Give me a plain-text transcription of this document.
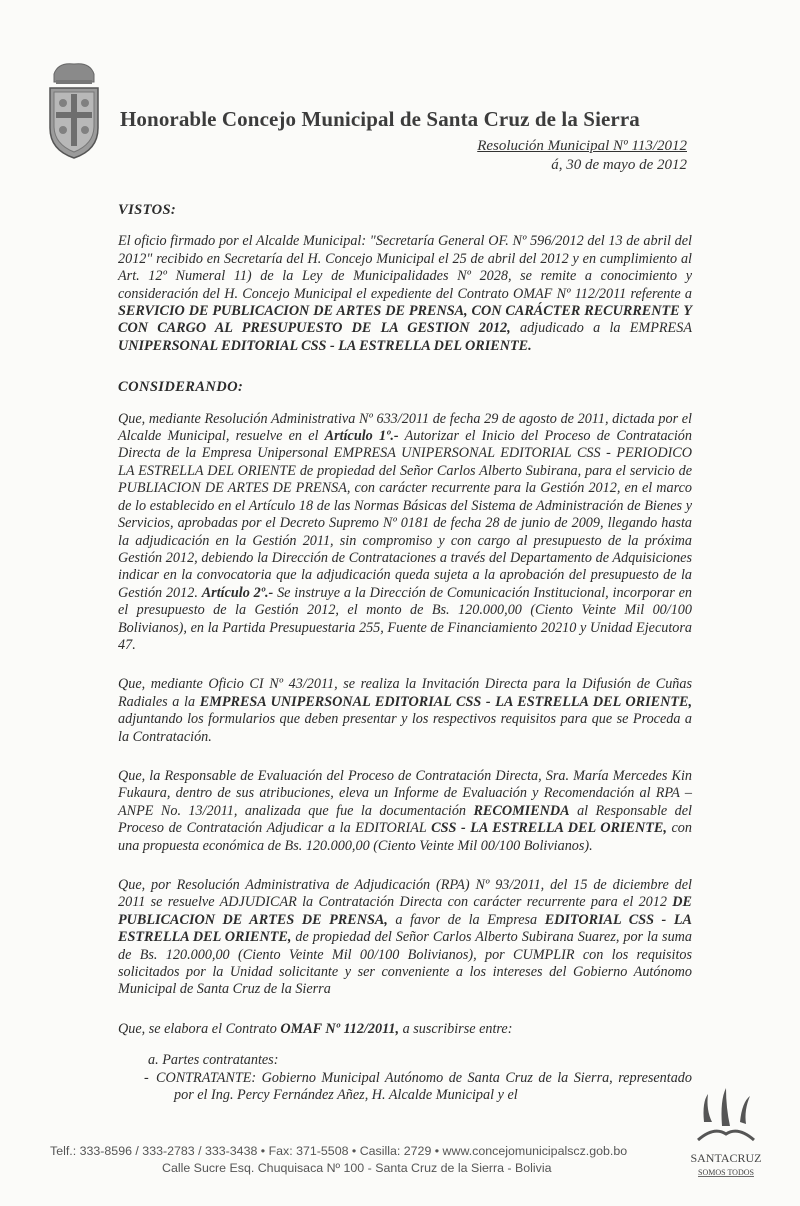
Honorable Concejo Municipal de Santa Cruz de la Sierra
Resolución Municipal Nº 113/2012
á, 30 de mayo de 2012
VISTOS:

El oficio firmado por el Alcalde Municipal: "Secretaría General OF. Nº 596/2012 del 13 de abril del 2012" recibido en Secretaría del H. Concejo Municipal el 25 de abril del 2012 y en cumplimiento al Art. 12º Numeral 11) de la Ley de Municipalidades Nº 2028, se remite a conocimiento y consideración del H. Concejo Municipal el expediente del Contrato OMAF Nº 112/2011 referente a SERVICIO DE PUBLICACION DE ARTES DE PRENSA, CON CARÁCTER RECURRENTE Y CON CARGO AL PRESUPUESTO DE LA GESTION 2012, adjudicado a la EMPRESA UNIPERSONAL EDITORIAL CSS - LA ESTRELLA DEL ORIENTE.

CONSIDERANDO:

Que, mediante Resolución Administrativa Nº 633/2011 de fecha 29 de agosto de 2011, dictada por el Alcalde Municipal, resuelve en el Artículo 1º.- Autorizar el Inicio del Proceso de Contratación Directa de la Empresa Unipersonal EMPRESA UNIPERSONAL EDITORIAL CSS - PERIODICO LA ESTRELLA DEL ORIENTE de propiedad del Señor Carlos Alberto Subirana, para el servicio de PUBLIACION DE ARTES DE PRENSA, con carácter recurrente para la Gestión 2012, en el marco de lo establecido en el Artículo 18 de las Normas Básicas del Sistema de Administración de Bienes y Servicios, aprobadas por el Decreto Supremo Nº 0181 de fecha 28 de junio de 2009, llegando hasta la adjudicación en la Gestión 2011, sin compromiso y con cargo al presupuesto de la próxima Gestión 2012, debiendo la Dirección de Contrataciones a través del Departamento de Adquisiciones indicar en la convocatoria que la adjudicación queda sujeta a la aprobación del presupuesto de la Gestión 2012. Artículo 2º.- Se instruye a la Dirección de Comunicación Institucional, incorporar en el presupuesto de la Gestión 2012, el monto de Bs. 120.000,00 (Ciento Veinte Mil 00/100 Bolivianos), en la Partida Presupuestaria 255, Fuente de Financiamiento 20210 y Unidad Ejecutora 47.

Que, mediante Oficio CI Nº 43/2011, se realiza la Invitación Directa para la Difusión de Cuñas Radiales a la EMPRESA UNIPERSONAL EDITORIAL CSS - LA ESTRELLA DEL ORIENTE, adjuntando los formularios que deben presentar y los respectivos requisitos para que se Proceda a la Contratación.

Que, la Responsable de Evaluación del Proceso de Contratación Directa, Sra. María Mercedes Kin Fukaura, dentro de sus atribuciones, eleva un Informe de Evaluación y Recomendación al RPA – ANPE No. 13/2011, analizada que fue la documentación RECOMIENDA al Responsable del Proceso de Contratación Adjudicar a la EDITORIAL CSS - LA ESTRELLA DEL ORIENTE, con una propuesta económica de Bs. 120.000,00 (Ciento Veinte Mil 00/100 Bolivianos).

Que, por Resolución Administrativa de Adjudicación (RPA) Nº 93/2011, del 15 de diciembre del 2011 se resuelve ADJUDICAR la Contratación Directa con carácter recurrente para el 2012 DE PUBLICACION DE ARTES DE PRENSA, a favor de la Empresa EDITORIAL CSS - LA ESTRELLA DEL ORIENTE, de propiedad del Señor Carlos Alberto Subirana Suarez, por la suma de Bs. 120.000,00 (Ciento Veinte Mil 00/100 Bolivianos), por CUMPLIR con los requisitos solicitados por la Unidad solicitante y ser conveniente a los intereses del Gobierno Autónomo Municipal de Santa Cruz de la Sierra

Que, se elabora el Contrato OMAF Nº 112/2011, a suscribirse entre:

a. Partes contratantes:
- CONTRATANTE: Gobierno Municipal Autónomo de Santa Cruz de la Sierra, representado por el Ing. Percy Fernández Añez, H. Alcalde Municipal y el
Telf.: 333-8596 / 333-2783 / 333-3438 • Fax: 371-5508 • Casilla: 2729 • www.concejomunicipalscz.gob.bo
Calle Sucre Esq. Chuquisaca Nº 100 - Santa Cruz de la Sierra - Bolivia
SANTACRUZ
SOMOS TODOS
